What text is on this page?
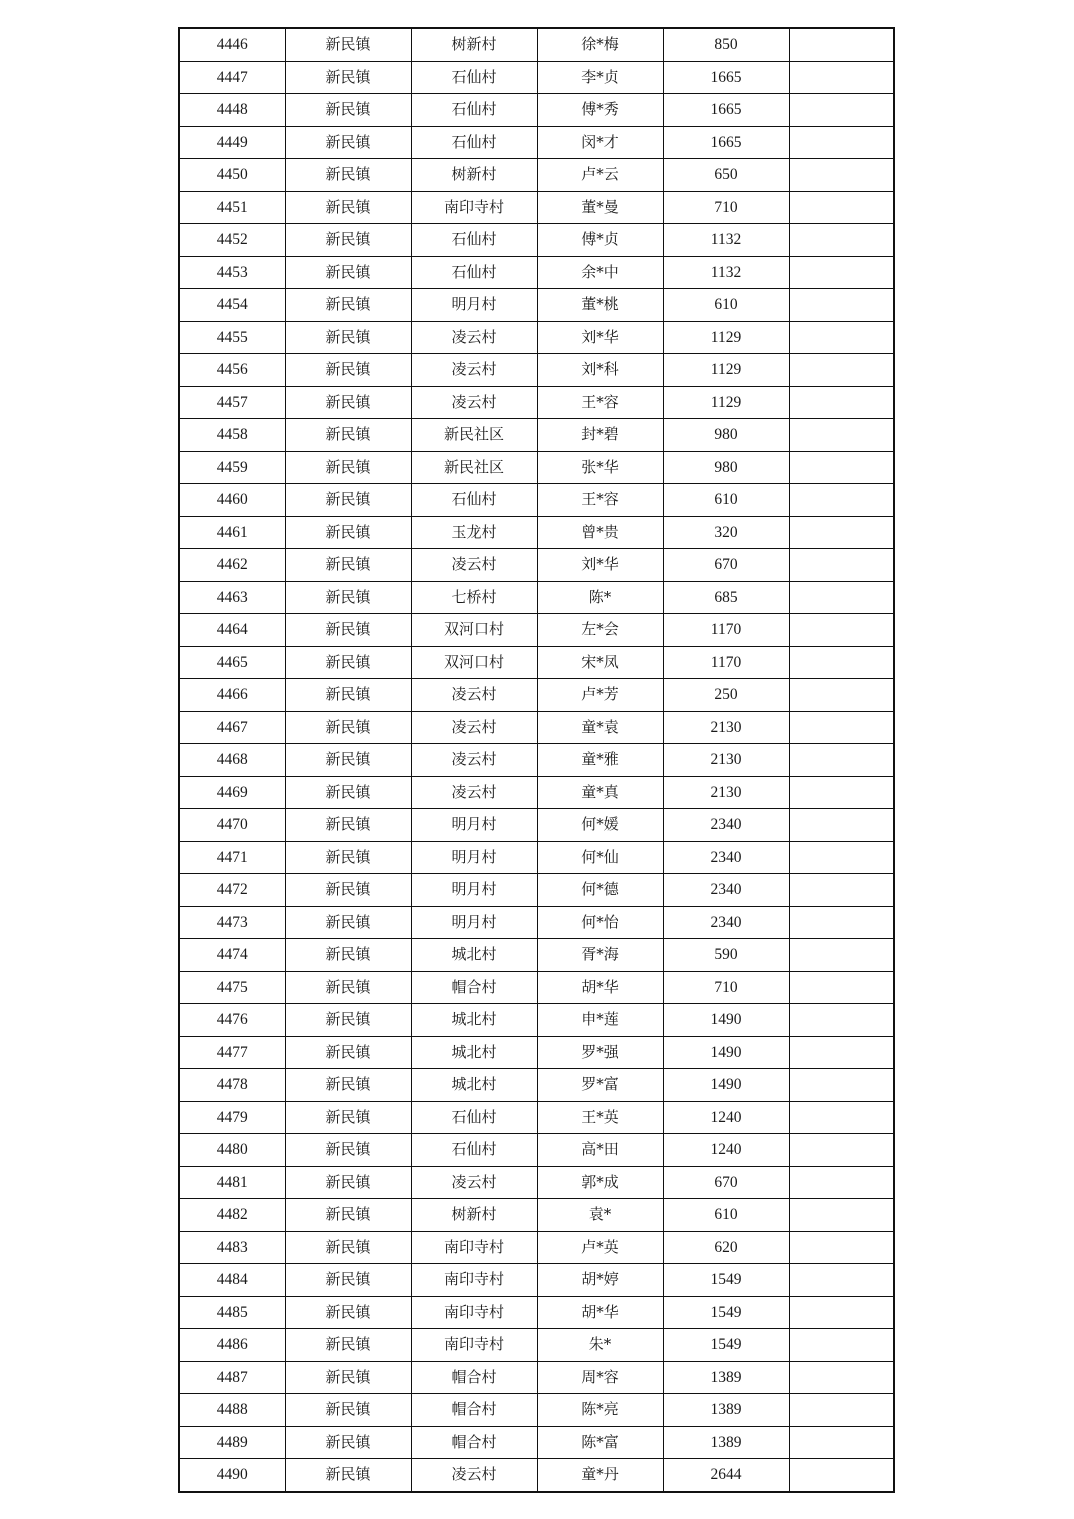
4446	新民镇	树新村	徐*梅	850	
4447	新民镇	石仙村	李*贞	1665	
4448	新民镇	石仙村	傅*秀	1665	
4449	新民镇	石仙村	闵*才	1665	
4450	新民镇	树新村	卢*云	650	
4451	新民镇	南印寺村	董*曼	710	
4452	新民镇	石仙村	傅*贞	1132	
4453	新民镇	石仙村	余*中	1132	
4454	新民镇	明月村	董*桃	610	
4455	新民镇	凌云村	刘*华	1129	
4456	新民镇	凌云村	刘*科	1129	
4457	新民镇	凌云村	王*容	1129	
4458	新民镇	新民社区	封*碧	980	
4459	新民镇	新民社区	张*华	980	
4460	新民镇	石仙村	王*容	610	
4461	新民镇	玉龙村	曾*贵	320	
4462	新民镇	凌云村	刘*华	670	
4463	新民镇	七桥村	陈*	685	
4464	新民镇	双河口村	左*会	1170	
4465	新民镇	双河口村	宋*凤	1170	
4466	新民镇	凌云村	卢*芳	250	
4467	新民镇	凌云村	童*袁	2130	
4468	新民镇	凌云村	童*雅	2130	
4469	新民镇	凌云村	童*真	2130	
4470	新民镇	明月村	何*媛	2340	
4471	新民镇	明月村	何*仙	2340	
4472	新民镇	明月村	何*德	2340	
4473	新民镇	明月村	何*怡	2340	
4474	新民镇	城北村	胥*海	590	
4475	新民镇	帽合村	胡*华	710	
4476	新民镇	城北村	申*莲	1490	
4477	新民镇	城北村	罗*强	1490	
4478	新民镇	城北村	罗*富	1490	
4479	新民镇	石仙村	王*英	1240	
4480	新民镇	石仙村	高*田	1240	
4481	新民镇	凌云村	郭*成	670	
4482	新民镇	树新村	袁*	610	
4483	新民镇	南印寺村	卢*英	620	
4484	新民镇	南印寺村	胡*婷	1549	
4485	新民镇	南印寺村	胡*华	1549	
4486	新民镇	南印寺村	朱*	1549	
4487	新民镇	帽合村	周*容	1389	
4488	新民镇	帽合村	陈*亮	1389	
4489	新民镇	帽合村	陈*富	1389	
4490	新民镇	凌云村	童*丹	2644	
